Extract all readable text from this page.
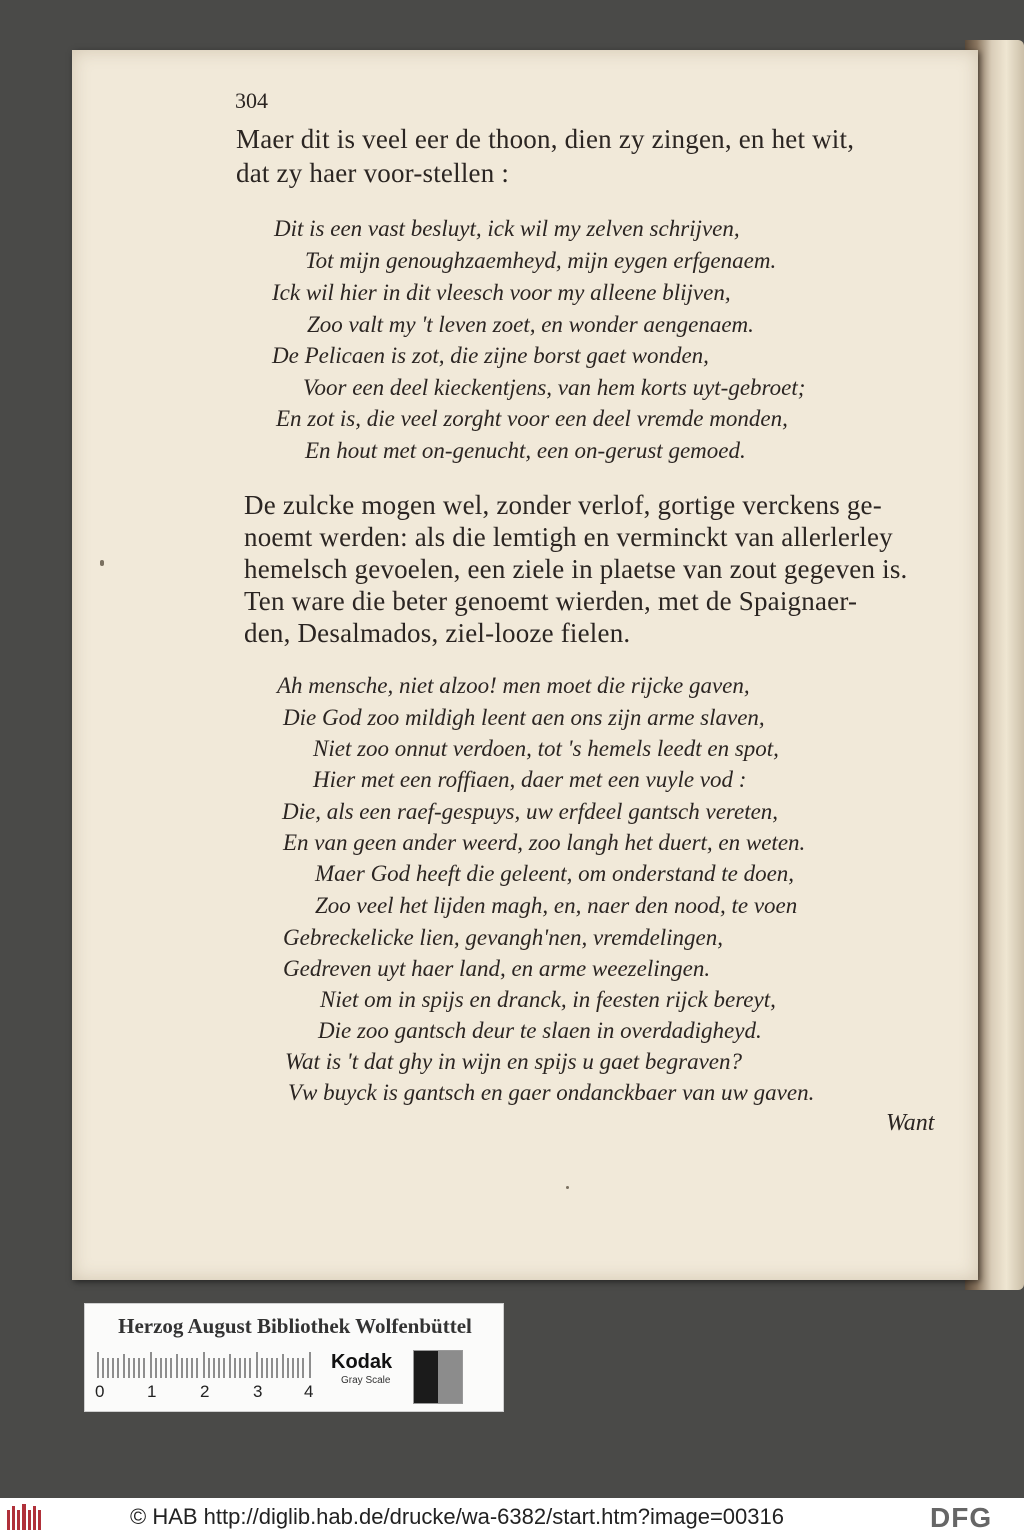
304
Maer dit is veel eer de thoon, dien zy zingen, en het wit,
dat zy haer voor-stellen :
Dit is een vast besluyt, ick wil my zelven schrijven,
Tot mijn genoughzaemheyd, mijn eygen erfgenaem.
Ick wil hier in dit vleesch voor my alleene blijven,
Zoo valt my 't leven zoet, en wonder aengenaem.
De Pelicaen is zot, die zijne borst gaet wonden,
Voor een deel kieckentjens, van hem korts uyt-gebroet;
En zot is, die veel zorght voor een deel vremde monden,
En hout met on-genucht, een on-gerust gemoed.
De zulcke mogen wel, zonder verlof, gortige verckens ge-
noemt werden: als die lemtigh en verminckt van allerlerley
hemelsch gevoelen, een ziele in plaetse van zout gegeven is.
Ten ware die beter genoemt wierden, met de Spaignaer-
den, Desalmados, ziel-looze fielen.
Ah mensche, niet alzoo! men moet die rijcke gaven,
Die God zoo mildigh leent aen ons zijn arme slaven,
Niet zoo onnut verdoen, tot 's hemels leedt en spot,
Hier met een roffiaen, daer met een vuyle vod :
Die, als een raef-gespuys, uw erfdeel gantsch vereten,
En van geen ander weerd, zoo langh het duert, en weten.
Maer God heeft die geleent, om onderstand te doen,
Zoo veel het lijden magh, en, naer den nood, te voen
Gebreckelicke lien, gevangh'nen, vremdelingen,
Gedreven uyt haer land, en arme weezelingen.
Niet om in spijs en dranck, in feesten rijck bereyt,
Die zoo gantsch deur te slaen in overdadigheyd.
Wat is 't dat ghy in wijn en spijs u gaet begraven?
Vw buyck is gantsch en gaer ondanckbaer van uw gaven.
Want
Herzog August Bibliothek Wolfenbüttel
0	1	2	3 4
Kodak
Gray Scale
© HAB http://diglib.hab.de/drucke/wa-6382/start.htm?image=00316	DFG
